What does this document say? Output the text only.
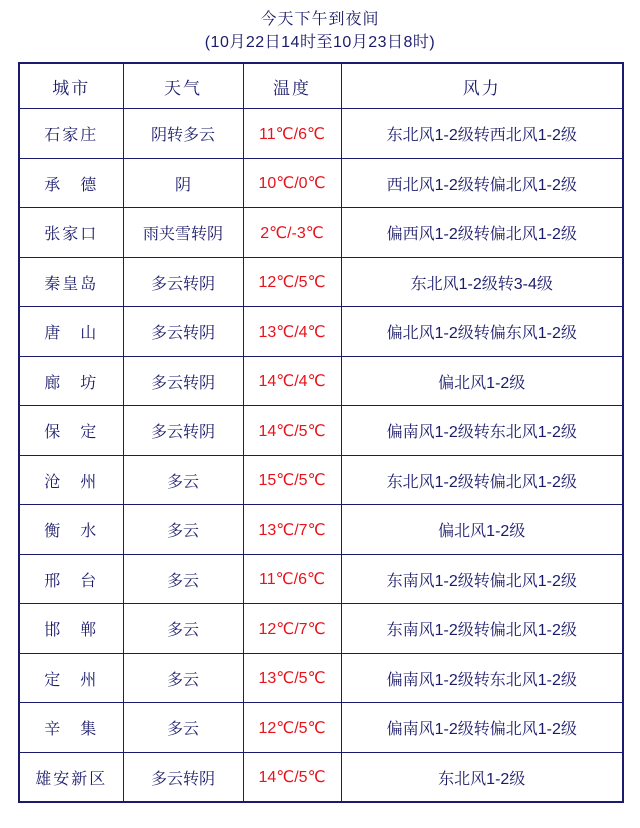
今天下午到夜间
(10月22日14时至10月23日8时)
城市	天气	温度	风力
石家庄	阴转多云	11℃/6℃	东北风1-2级转西北风1-2级
承　德	阴	10℃/0℃	西北风1-2级转偏北风1-2级
张家口	雨夹雪转阴	2℃/-3℃	偏西风1-2级转偏北风1-2级
秦皇岛	多云转阴	12℃/5℃	东北风1-2级转3-4级
唐　山	多云转阴	13℃/4℃	偏北风1-2级转偏东风1-2级
廊　坊	多云转阴	14℃/4℃	偏北风1-2级
保　定	多云转阴	14℃/5℃	偏南风1-2级转东北风1-2级
沧　州	多云	15℃/5℃	东北风1-2级转偏北风1-2级
衡　水	多云	13℃/7℃	偏北风1-2级
邢　台	多云	11℃/6℃	东南风1-2级转偏北风1-2级
邯　郸	多云	12℃/7℃	东南风1-2级转偏北风1-2级
定　州	多云	13℃/5℃	偏南风1-2级转东北风1-2级
辛　集	多云	12℃/5℃	偏南风1-2级转偏北风1-2级
雄安新区	多云转阴	14℃/5℃	东北风1-2级
